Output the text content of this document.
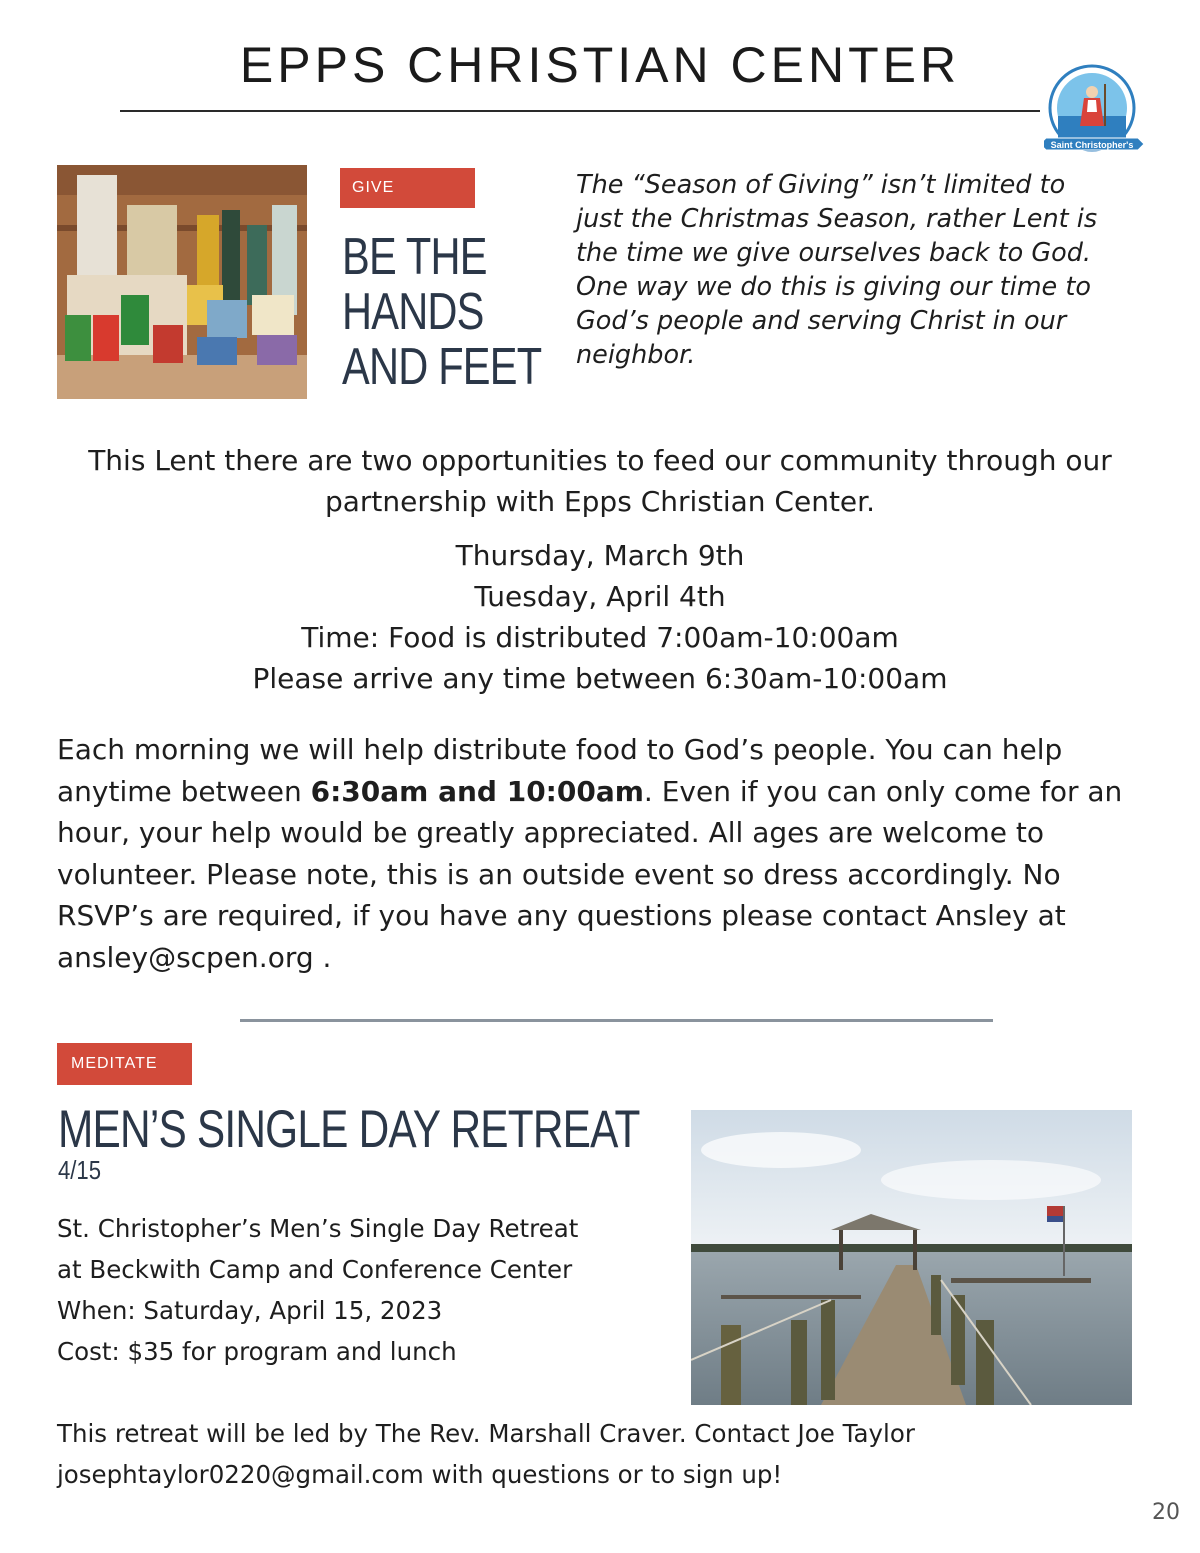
EPPS CHRISTIAN CENTER
Saint Christopher's
GIVE
BE THE
HANDS
AND FEET
The “Season of Giving” isn’t limited to just the Christmas Season, rather Lent is the time we give ourselves back to God. One way we do this is giving our time to God’s people and serving Christ in our neighbor.
This Lent there are two opportunities to feed our community through our partnership with Epps Christian Center.
Thursday, March 9th
Tuesday, April 4th
Time: Food is distributed 7:00am-10:00am
Please arrive any time between 6:30am-10:00am
Each morning we will help distribute food to God’s people. You can help anytime between 6:30am and 10:00am. Even if you can only come for an hour, your help would be greatly appreciated. All ages are welcome to volunteer. Please note, this is an outside event so dress accordingly. No RSVP’s are required, if you have any questions please contact Ansley at ansley@scpen.org .
MEDITATE
MEN’S SINGLE DAY RETREAT
4/15
St. Christopher’s Men’s Single Day Retreat
at Beckwith Camp and Conference Center
When: Saturday, April 15, 2023
Cost: $35 for program and lunch
This retreat will be led by The Rev. Marshall Craver. Contact Joe Taylor
josephtaylor0220@gmail.com with questions or to sign up!
20
